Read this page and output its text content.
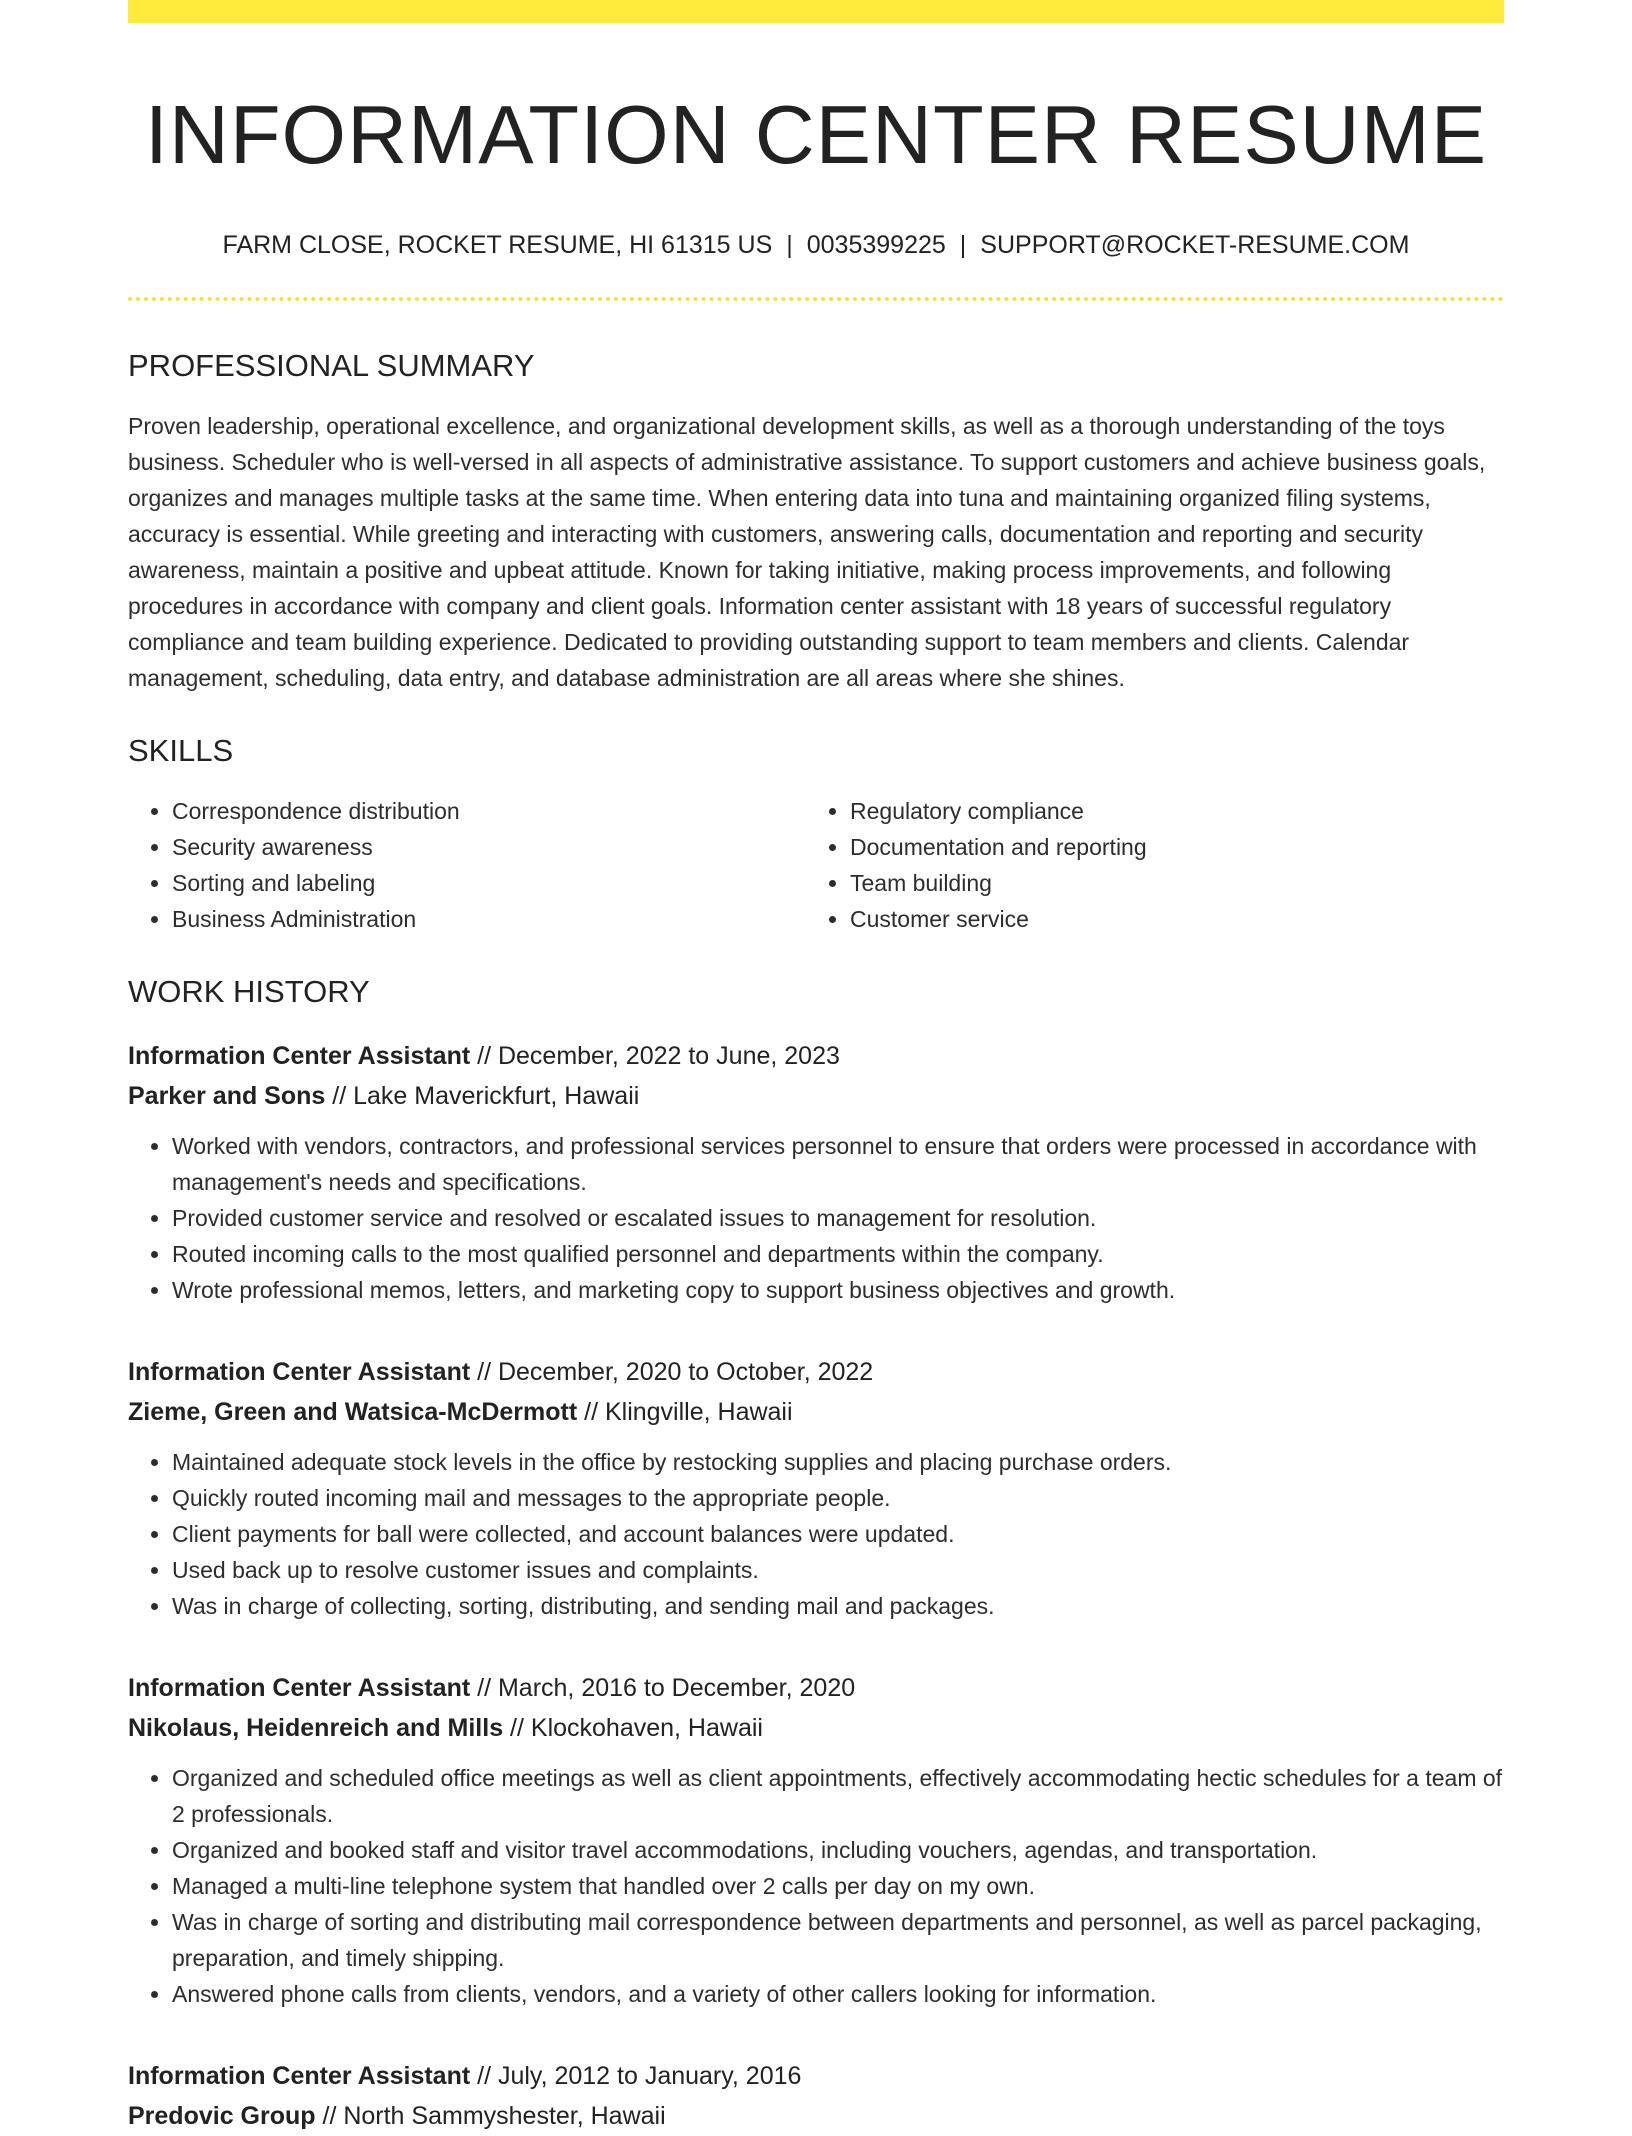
INFORMATION CENTER RESUME
FARM CLOSE, ROCKET RESUME, HI 61315 US | 0035399225 | SUPPORT@ROCKET-RESUME.COM
PROFESSIONAL SUMMARY
Proven leadership, operational excellence, and organizational development skills, as well as a thorough understanding of the toys business. Scheduler who is well-versed in all aspects of administrative assistance. To support customers and achieve business goals, organizes and manages multiple tasks at the same time. When entering data into tuna and maintaining organized filing systems, accuracy is essential. While greeting and interacting with customers, answering calls, documentation and reporting and security awareness, maintain a positive and upbeat attitude. Known for taking initiative, making process improvements, and following procedures in accordance with company and client goals. Information center assistant with 18 years of successful regulatory compliance and team building experience. Dedicated to providing outstanding support to team members and clients. Calendar management, scheduling, data entry, and database administration are all areas where she shines.
SKILLS
• Correspondence distribution
• Security awareness
• Sorting and labeling
• Business Administration
• Regulatory compliance
• Documentation and reporting
• Team building
• Customer service
WORK HISTORY
Information Center Assistant // December, 2022 to June, 2023
Parker and Sons // Lake Maverickfurt, Hawaii
• Worked with vendors, contractors, and professional services personnel to ensure that orders were processed in accordance with management's needs and specifications.
• Provided customer service and resolved or escalated issues to management for resolution.
• Routed incoming calls to the most qualified personnel and departments within the company.
• Wrote professional memos, letters, and marketing copy to support business objectives and growth.
Information Center Assistant // December, 2020 to October, 2022
Zieme, Green and Watsica-McDermott // Klingville, Hawaii
• Maintained adequate stock levels in the office by restocking supplies and placing purchase orders.
• Quickly routed incoming mail and messages to the appropriate people.
• Client payments for ball were collected, and account balances were updated.
• Used back up to resolve customer issues and complaints.
• Was in charge of collecting, sorting, distributing, and sending mail and packages.
Information Center Assistant // March, 2016 to December, 2020
Nikolaus, Heidenreich and Mills // Klockohaven, Hawaii
• Organized and scheduled office meetings as well as client appointments, effectively accommodating hectic schedules for a team of 2 professionals.
• Organized and booked staff and visitor travel accommodations, including vouchers, agendas, and transportation.
• Managed a multi-line telephone system that handled over 2 calls per day on my own.
• Was in charge of sorting and distributing mail correspondence between departments and personnel, as well as parcel packaging, preparation, and timely shipping.
• Answered phone calls from clients, vendors, and a variety of other callers looking for information.
Information Center Assistant // July, 2012 to January, 2016
Predovic Group // North Sammyshester, Hawaii
